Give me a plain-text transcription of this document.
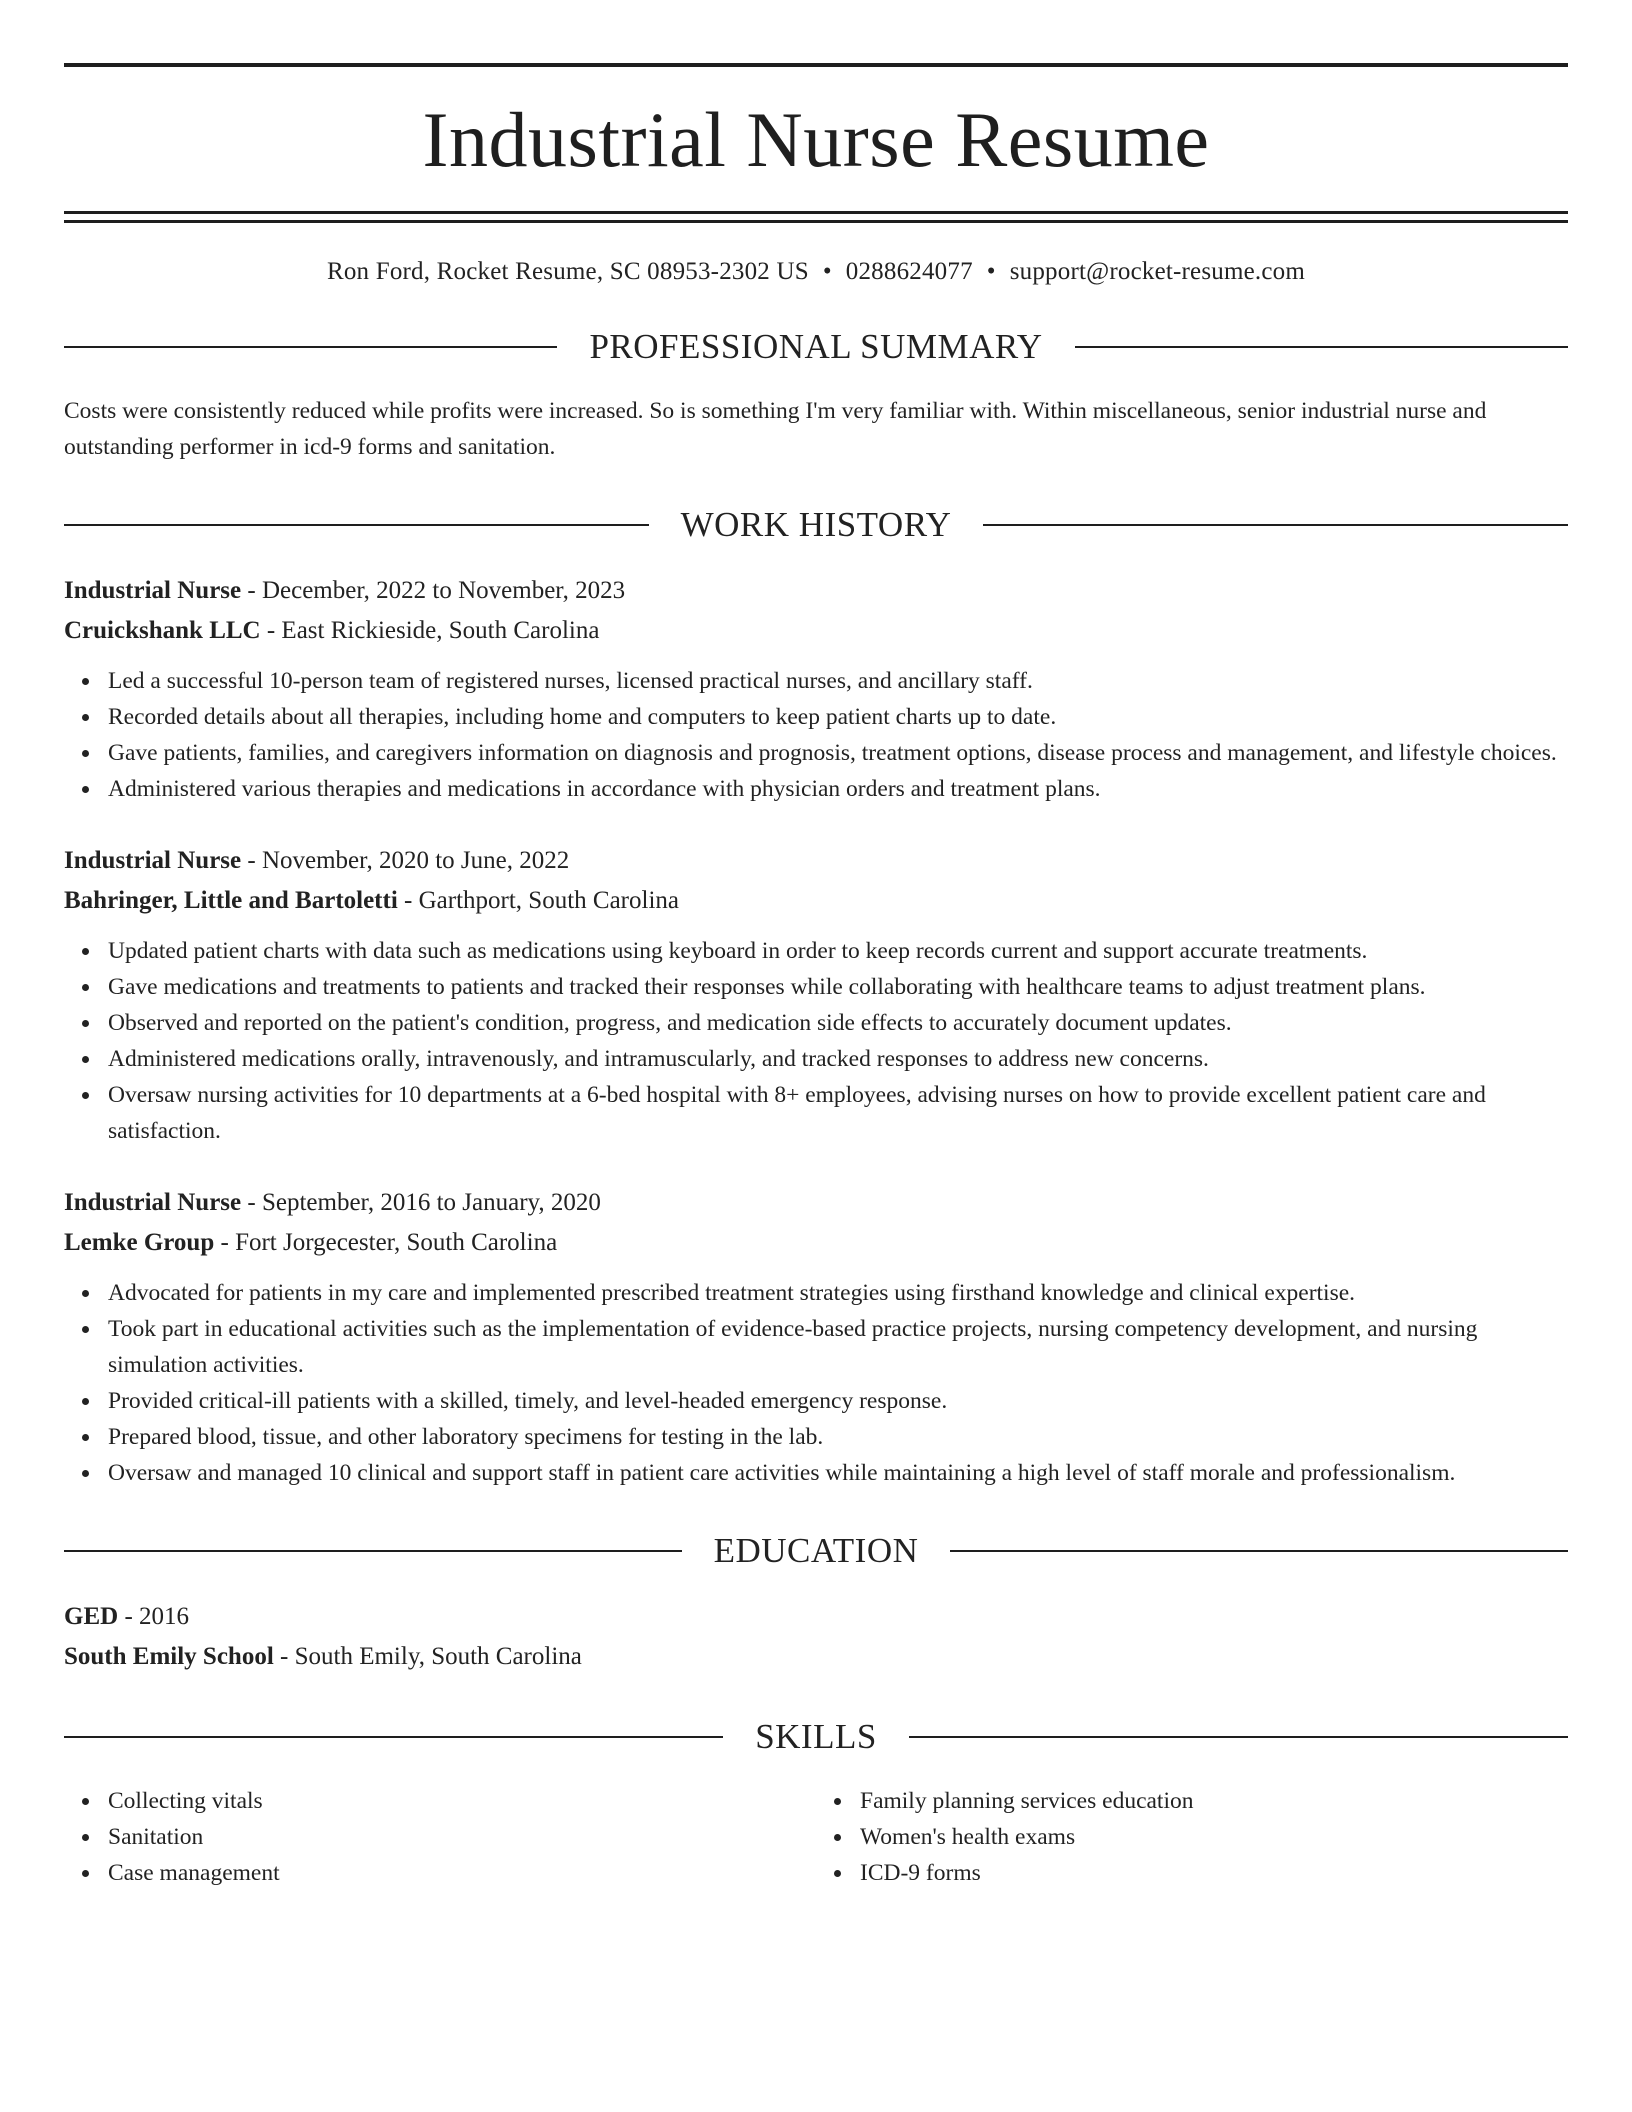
Industrial Nurse Resume
Ron Ford, Rocket Resume, SC 08953-2302 US • 0288624077 • support@rocket-resume.com
PROFESSIONAL SUMMARY
Costs were consistently reduced while profits were increased. So is something I'm very familiar with. Within miscellaneous, senior industrial nurse and outstanding performer in icd-9 forms and sanitation.
WORK HISTORY
Industrial Nurse - December, 2022 to November, 2023
Cruickshank LLC - East Rickieside, South Carolina
Led a successful 10-person team of registered nurses, licensed practical nurses, and ancillary staff.
Recorded details about all therapies, including home and computers to keep patient charts up to date.
Gave patients, families, and caregivers information on diagnosis and prognosis, treatment options, disease process and management, and lifestyle choices.
Administered various therapies and medications in accordance with physician orders and treatment plans.
Industrial Nurse - November, 2020 to June, 2022
Bahringer, Little and Bartoletti - Garthport, South Carolina
Updated patient charts with data such as medications using keyboard in order to keep records current and support accurate treatments.
Gave medications and treatments to patients and tracked their responses while collaborating with healthcare teams to adjust treatment plans.
Observed and reported on the patient's condition, progress, and medication side effects to accurately document updates.
Administered medications orally, intravenously, and intramuscularly, and tracked responses to address new concerns.
Oversaw nursing activities for 10 departments at a 6-bed hospital with 8+ employees, advising nurses on how to provide excellent patient care and satisfaction.
Industrial Nurse - September, 2016 to January, 2020
Lemke Group - Fort Jorgecester, South Carolina
Advocated for patients in my care and implemented prescribed treatment strategies using firsthand knowledge and clinical expertise.
Took part in educational activities such as the implementation of evidence-based practice projects, nursing competency development, and nursing simulation activities.
Provided critical-ill patients with a skilled, timely, and level-headed emergency response.
Prepared blood, tissue, and other laboratory specimens for testing in the lab.
Oversaw and managed 10 clinical and support staff in patient care activities while maintaining a high level of staff morale and professionalism.
EDUCATION
GED - 2016
South Emily School - South Emily, South Carolina
SKILLS
Collecting vitals
Sanitation
Case management
Family planning services education
Women's health exams
ICD-9 forms
